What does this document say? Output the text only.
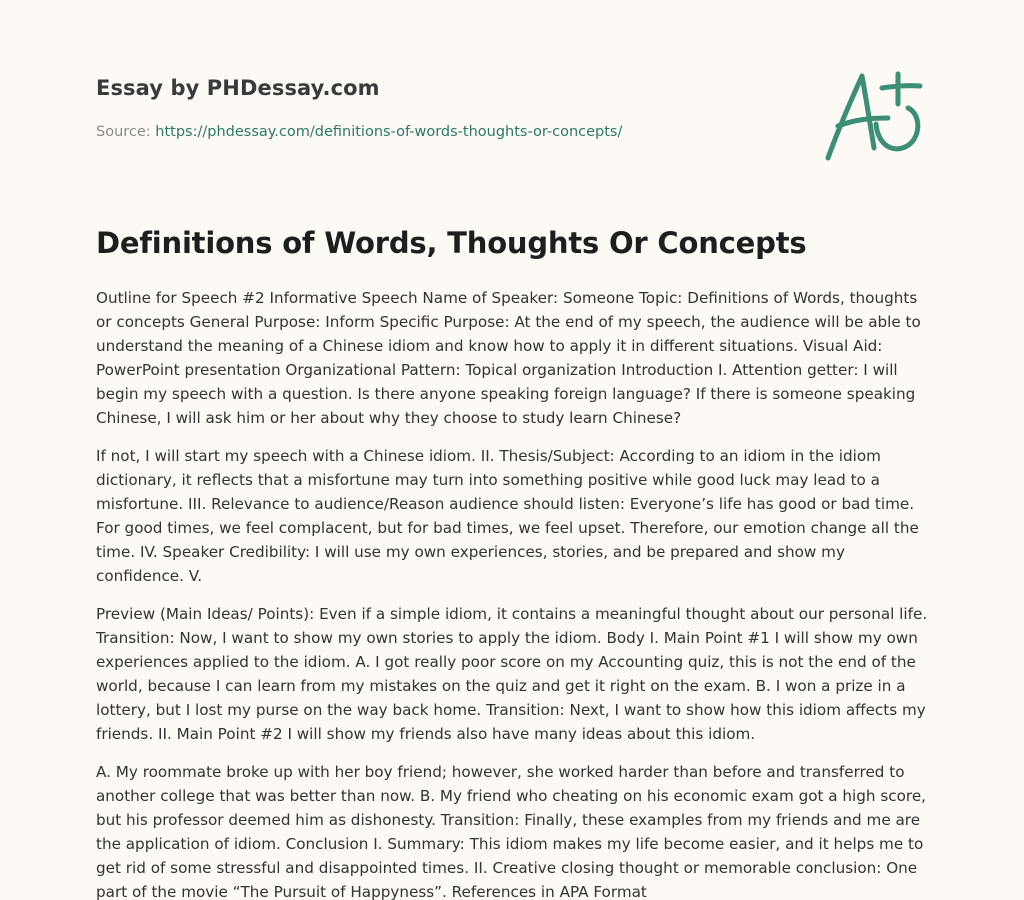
Essay by PHDessay.com
Source: https://phdessay.com/definitions-of-words-thoughts-or-concepts/
Definitions of Words, Thoughts Or Concepts

Outline for Speech #2 Informative Speech Name of Speaker: Someone Topic: Definitions of Words, thoughts or concepts General Purpose: Inform Specific Purpose: At the end of my speech, the audience will be able to understand the meaning of a Chinese idiom and know how to apply it in different situations. Visual Aid: PowerPoint presentation Organizational Pattern: Topical organization Introduction I. Attention getter: I will begin my speech with a question. Is there anyone speaking foreign language? If there is someone speaking Chinese, I will ask him or her about why they choose to study learn Chinese?

If not, I will start my speech with a Chinese idiom. II. Thesis/Subject: According to an idiom in the idiom dictionary, it reflects that a misfortune may turn into something positive while good luck may lead to a misfortune. III. Relevance to audience/Reason audience should listen: Everyone’s life has good or bad time. For good times, we feel complacent, but for bad times, we feel upset. Therefore, our emotion change all the time. IV. Speaker Credibility: I will use my own experiences, stories, and be prepared and show my confidence. V.

Preview (Main Ideas/ Points): Even if a simple idiom, it contains a meaningful thought about our personal life. Transition: Now, I want to show my own stories to apply the idiom. Body I. Main Point #1 I will show my own experiences applied to the idiom. A. I got really poor score on my Accounting quiz, this is not the end of the world, because I can learn from my mistakes on the quiz and get it right on the exam. B. I won a prize in a lottery, but I lost my purse on the way back home. Transition: Next, I want to show how this idiom affects my friends. II. Main Point #2 I will show my friends also have many ideas about this idiom.

A. My roommate broke up with her boy friend; however, she worked harder than before and transferred to another college that was better than now. B. My friend who cheating on his economic exam got a high score, but his professor deemed him as dishonesty. Transition: Finally, these examples from my friends and me are the application of idiom. Conclusion I. Summary: This idiom makes my life become easier, and it helps me to get rid of some stressful and disappointed times. II. Creative closing thought or memorable conclusion: One part of the movie “The Pursuit of Happyness”. References in APA Format
